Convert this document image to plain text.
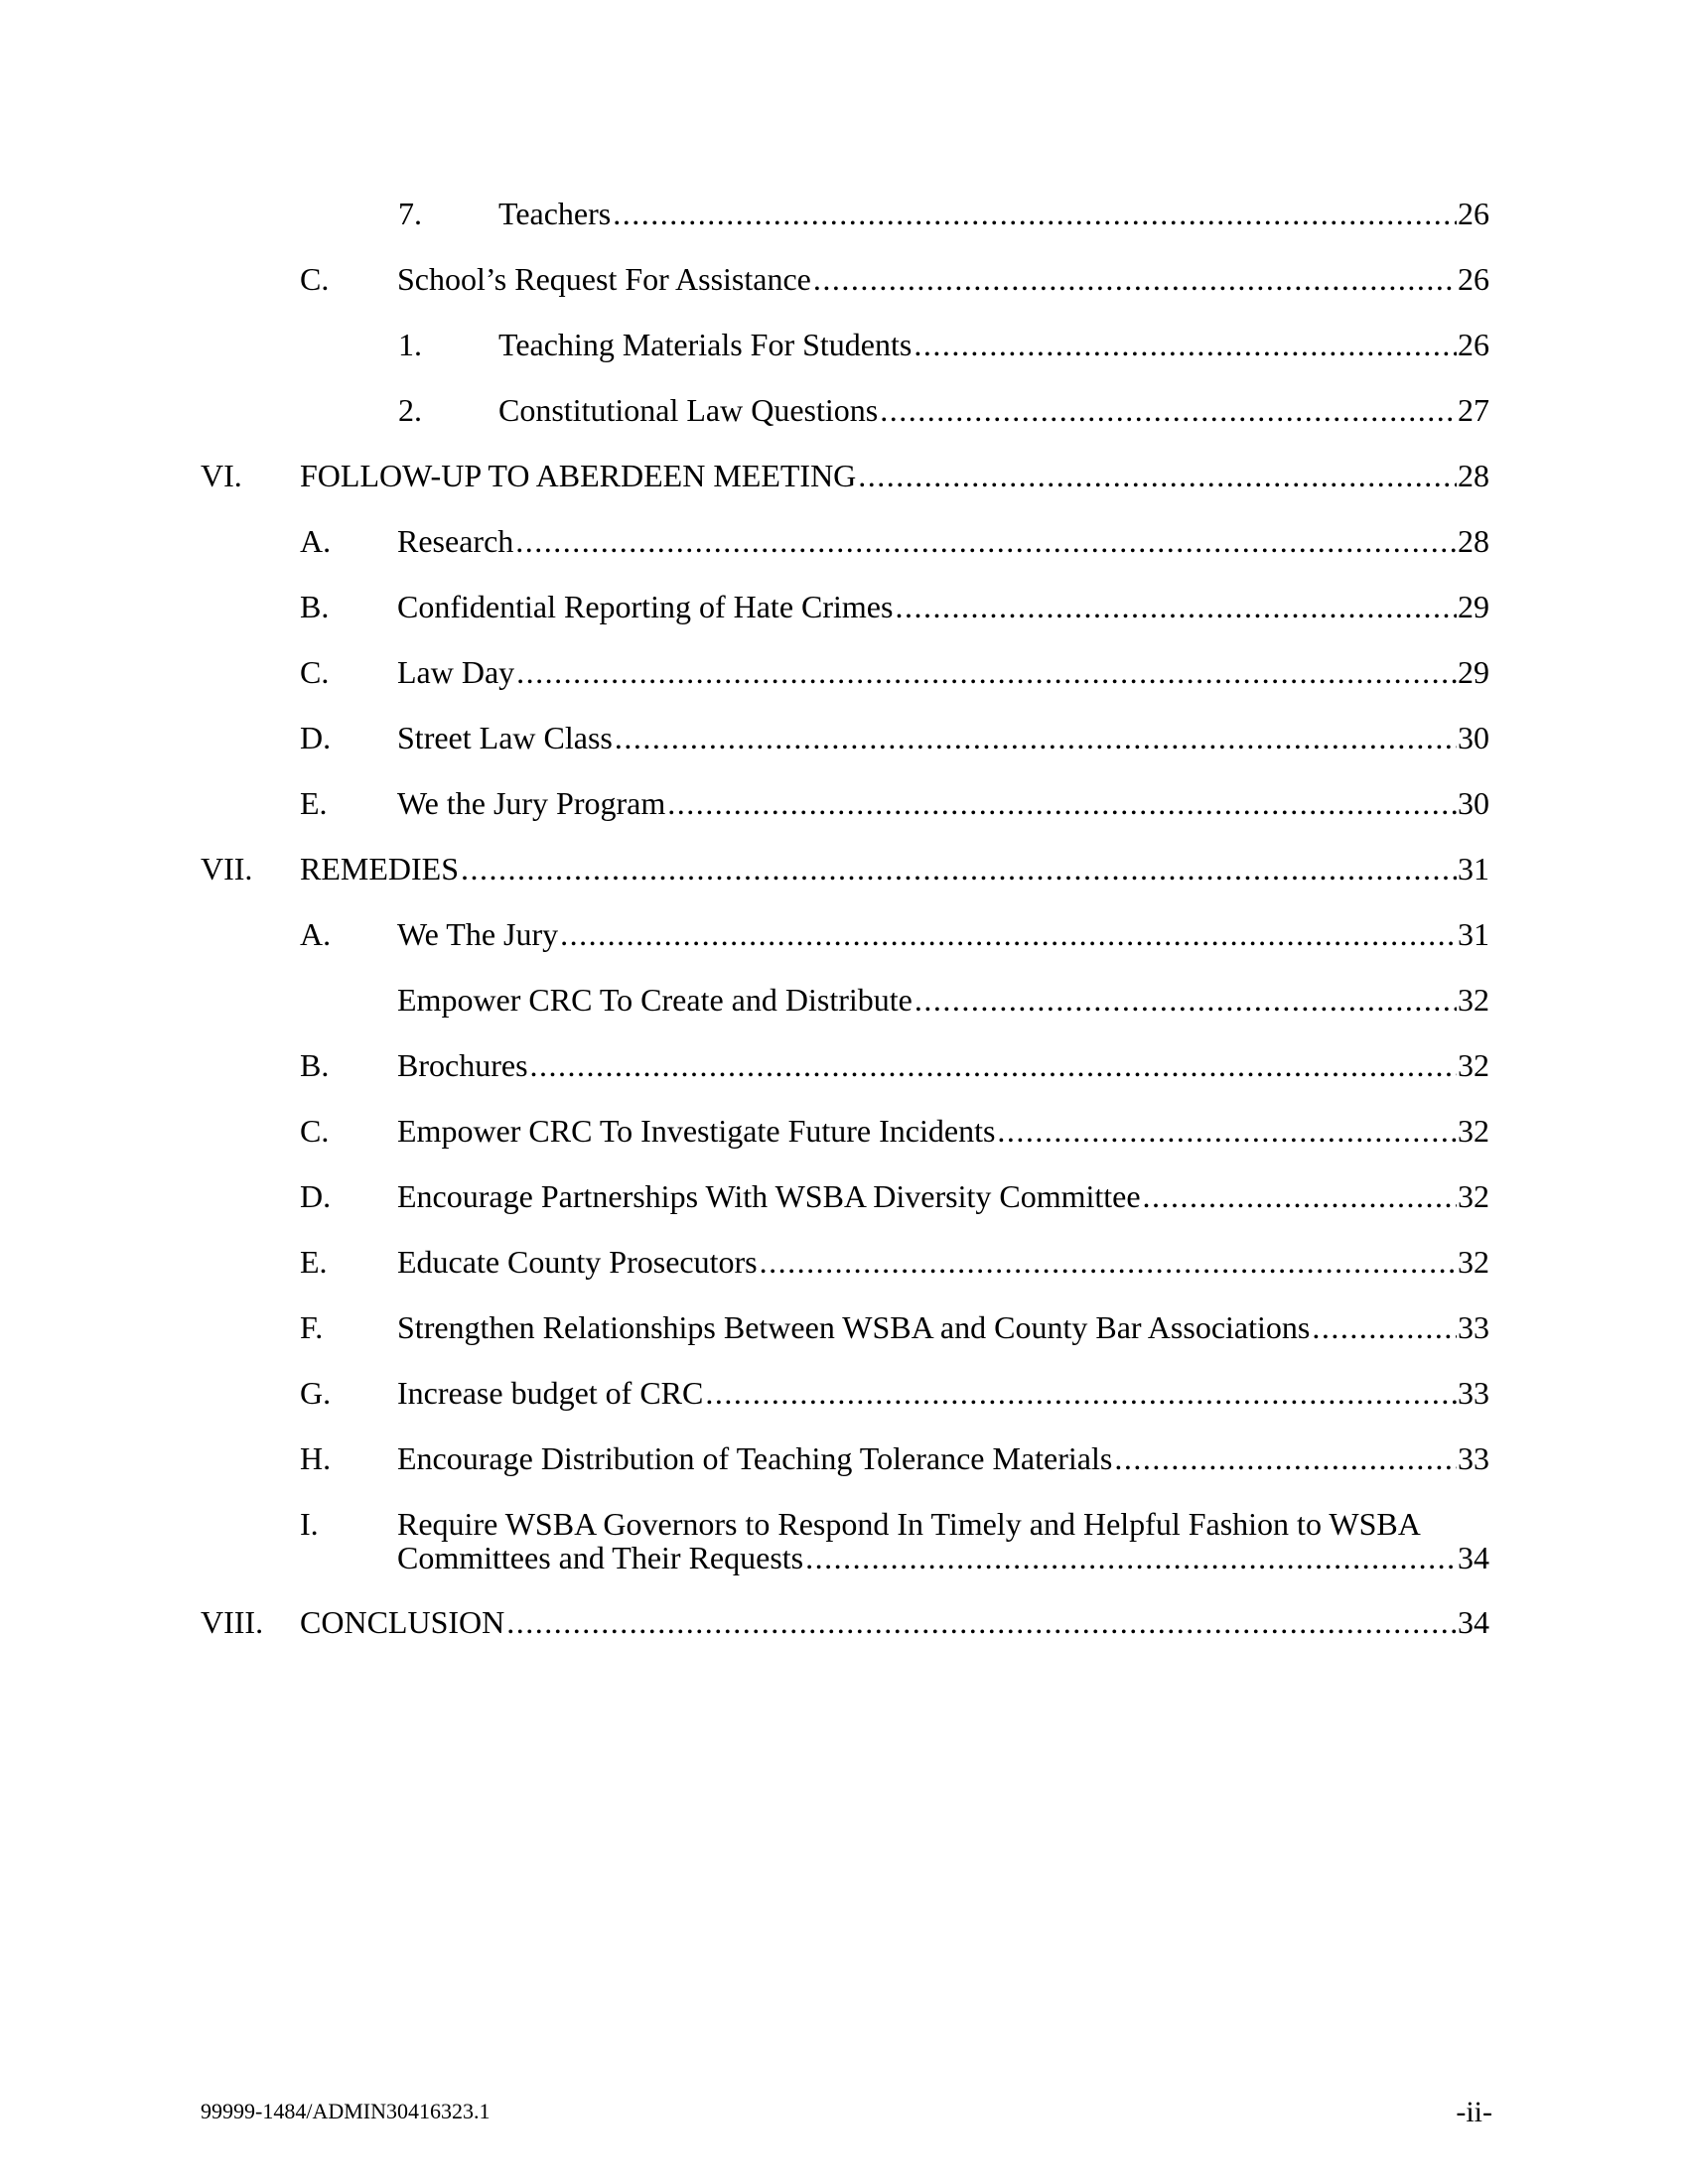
7. Teachers .....	26
C. School’s Request For Assistance .....	26
1. Teaching Materials For Students .....	26
2. Constitutional Law Questions .....	27
VI. FOLLOW-UP TO ABERDEEN MEETING .....	28
A. Research .....	28
B. Confidential Reporting of Hate Crimes .....	29
C. Law Day .....	29
D. Street Law Class .....	30
E. We the Jury Program .....	30
VII. REMEDIES .....	31
A. We The Jury .....	31
Empower CRC To Create and Distribute .....	32
B. Brochures .....	32
C. Empower CRC To Investigate Future Incidents .....	32
D. Encourage Partnerships With WSBA Diversity Committee .....	32
E. Educate County Prosecutors .....	32
F. Strengthen Relationships Between WSBA and County Bar Associations .....	33
G. Increase budget of CRC .....	33
H. Encourage Distribution of Teaching Tolerance Materials .....	33
I. Require WSBA Governors to Respond In Timely and Helpful Fashion to WSBA
Committees and Their Requests .....	34
VIII. CONCLUSION .....	34
99999-1484/ADMIN30416323.1	-ii-
